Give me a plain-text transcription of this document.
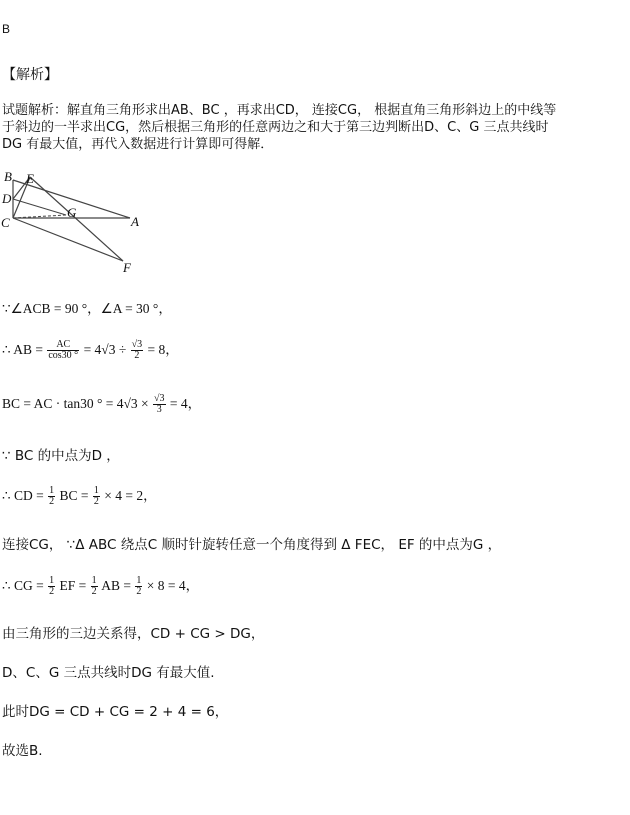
B
【解析】
试题解析：解直角三角形求出AB、BC ，再求出CD， 连接CG， 根据直角三角形斜边上的中线等
于斜边的一半求出CG，然后根据三角形的任意两边之和大于第三边判断出D、C、G 三点共线时
DG 有最大值，再代入数据进行计算即可得解．
B E
D
G
C	A
F
∵∠ACB = 90 °，∠A = 30 °，
∴ AB = $\frac{AC}{\cos 30 ^\circ} = 4√3 \div \frac{√3}{2} = 8$，
BC = AC · tan30 ° = $4√3 \times \frac{√3}{3} = 4$，
∵ BC 的中点为D ，
∴ CD = $\frac{1}{2}$ BC = $\frac{1}{2} \times 4 = 2$，
连接CG， ∵Δ ABC 绕点C 顺时针旋转任意一个角度得到 Δ FEC， EF 的中点为G ，
∴ CG = $\frac{1}{2}$ EF = $\frac{1}{2}$ AB = $\frac{1}{2} \times 8 = 4$，
由三角形的三边关系得，CD + CG > DG，
D、C、G 三点共线时DG 有最大值.
此时DG = CD + CG = 2 + 4 = 6，
故选B.
